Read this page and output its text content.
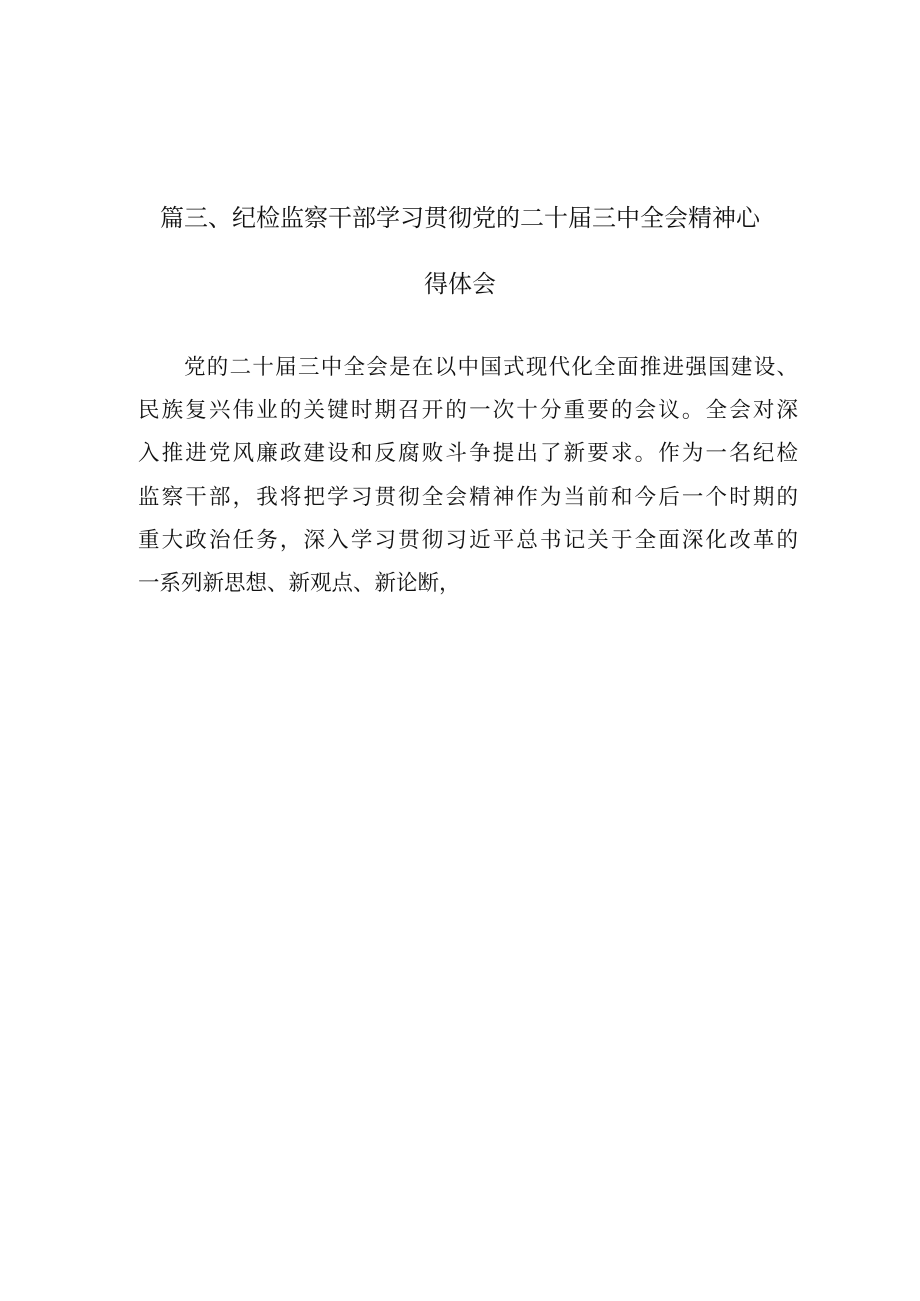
篇三、纪检监察干部学习贯彻党的二十届三中全会精神心
得体会
党的二十届三中全会是在以中国式现代化全面推进强国建设、
民族复兴伟业的关键时期召开的一次十分重要的会议。全会对深
入推进党风廉政建设和反腐败斗争提出了新要求。作为一名纪检
监察干部，我将把学习贯彻全会精神作为当前和今后一个时期的
重大政治任务，深入学习贯彻习近平总书记关于全面深化改革的
一系列新思想、新观点、新论断，
